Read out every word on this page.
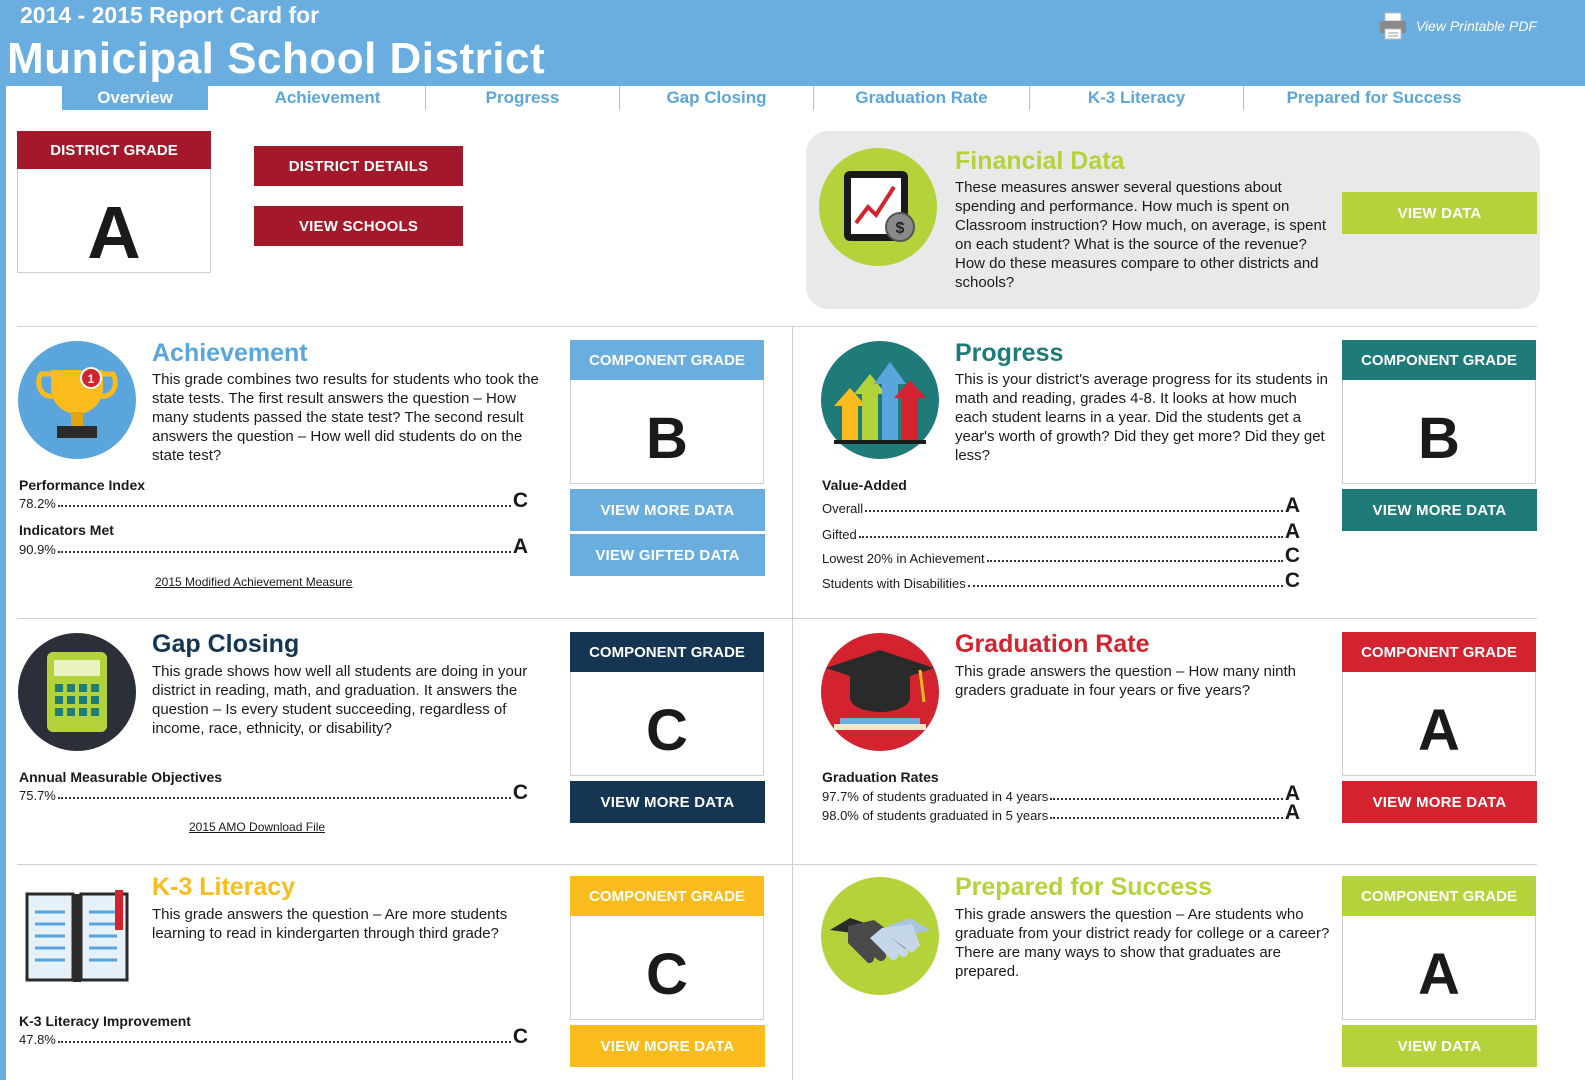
2014 - 2015 Report Card for
Municipal School District
View Printable PDF
Overview	Achievement	Progress	Gap Closing	Graduation Rate	K-3 Literacy	Prepared for Success
DISTRICT GRADE
A
DISTRICT DETAILS
VIEW SCHOOLS	$
Financial Data
These measures answer several questions about spending and performance. How much is spent on Classroom instruction? How much, on average, is spent on each student? What is the source of the revenue? How do these measures compare to other districts and schools?
VIEW DATA
1
Achievement
This grade combines two results for students who took the state tests. The first result answers the question – How many students passed the state test? The second result answers the question – How well did students do on the state test?
COMPONENT GRADE
B
VIEW MORE DATA
VIEW GIFTED DATA
Performance Index
78.2%	C
Indicators Met
90.9%	A
2015 Modified Achievement Measure
Progress
This is your district's average progress for its students in math and reading, grades 4-8. It looks at how much each student learns in a year. Did the students get a year's worth of growth? Did they get more? Did they get less?
COMPONENT GRADE
B
VIEW MORE DATA
Value-Added
Overall	A
Gifted	A
Lowest 20% in Achievement	C
Students with Disabilities	C
Gap Closing
This grade shows how well all students are doing in your district in reading, math, and graduation. It answers the question – Is every student succeeding, regardless of income, race, ethnicity, or disability?
COMPONENT GRADE
C
VIEW MORE DATA
Annual Measurable Objectives
75.7%	C
2015 AMO Download File
Graduation Rate
This grade answers the question – How many ninth graders graduate in four years or five years?
COMPONENT GRADE
A
VIEW MORE DATA
Graduation Rates
97.7% of students graduated in 4 years	A
98.0% of students graduated in 5 years	A
K-3 Literacy
This grade answers the question – Are more students learning to read in kindergarten through third grade?
COMPONENT GRADE
C
VIEW MORE DATA
K-3 Literacy Improvement
47.8%	C
Prepared for Success
This grade answers the question – Are students who graduate from your district ready for college or a career? There are many ways to show that graduates are prepared.
COMPONENT GRADE
A
VIEW DATA
